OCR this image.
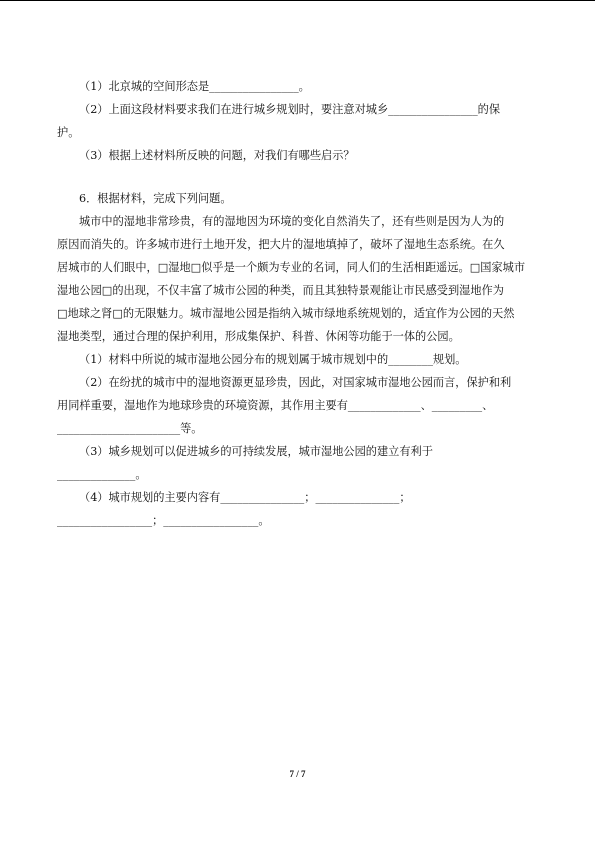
（1）北京城的空间形态是________________。
（2）上面这段材料要求我们在进行城乡规划时，要注意对城乡________________的保
护。
（3）根据上述材料所反映的问题，对我们有哪些启示？
6．根据材料，完成下列问题。
城市中的湿地非常珍贵，有的湿地因为环境的变化自然消失了，还有些则是因为人为的
原因而消失的。许多城市进行土地开发，把大片的湿地填掉了，破坏了湿地生态系统。在久
居城市的人们眼中，□湿地□似乎是一个颇为专业的名词，同人们的生活相距遥远。□国家城市
湿地公园□的出现，不仅丰富了城市公园的种类，而且其独特景观能让市民感受到湿地作为
□地球之肾□的无限魅力。城市湿地公园是指纳入城市绿地系统规划的，适宜作为公园的天然
湿地类型，通过合理的保护利用，形成集保护、科普、休闲等功能于一体的公园。
（1）材料中所说的城市湿地公园分布的规划属于城市规划中的________规划。
（2）在纷扰的城市中的湿地资源更显珍贵，因此，对国家城市湿地公园而言，保护和利
用同样重要，湿地作为地球珍贵的环境资源，其作用主要有_____________、_________、
______________________等。
（3）城乡规划可以促进城乡的可持续发展，城市湿地公园的建立有利于
______________。
（4）城市规划的主要内容有_______________；_______________；
_________________；_________________。
7 / 7
